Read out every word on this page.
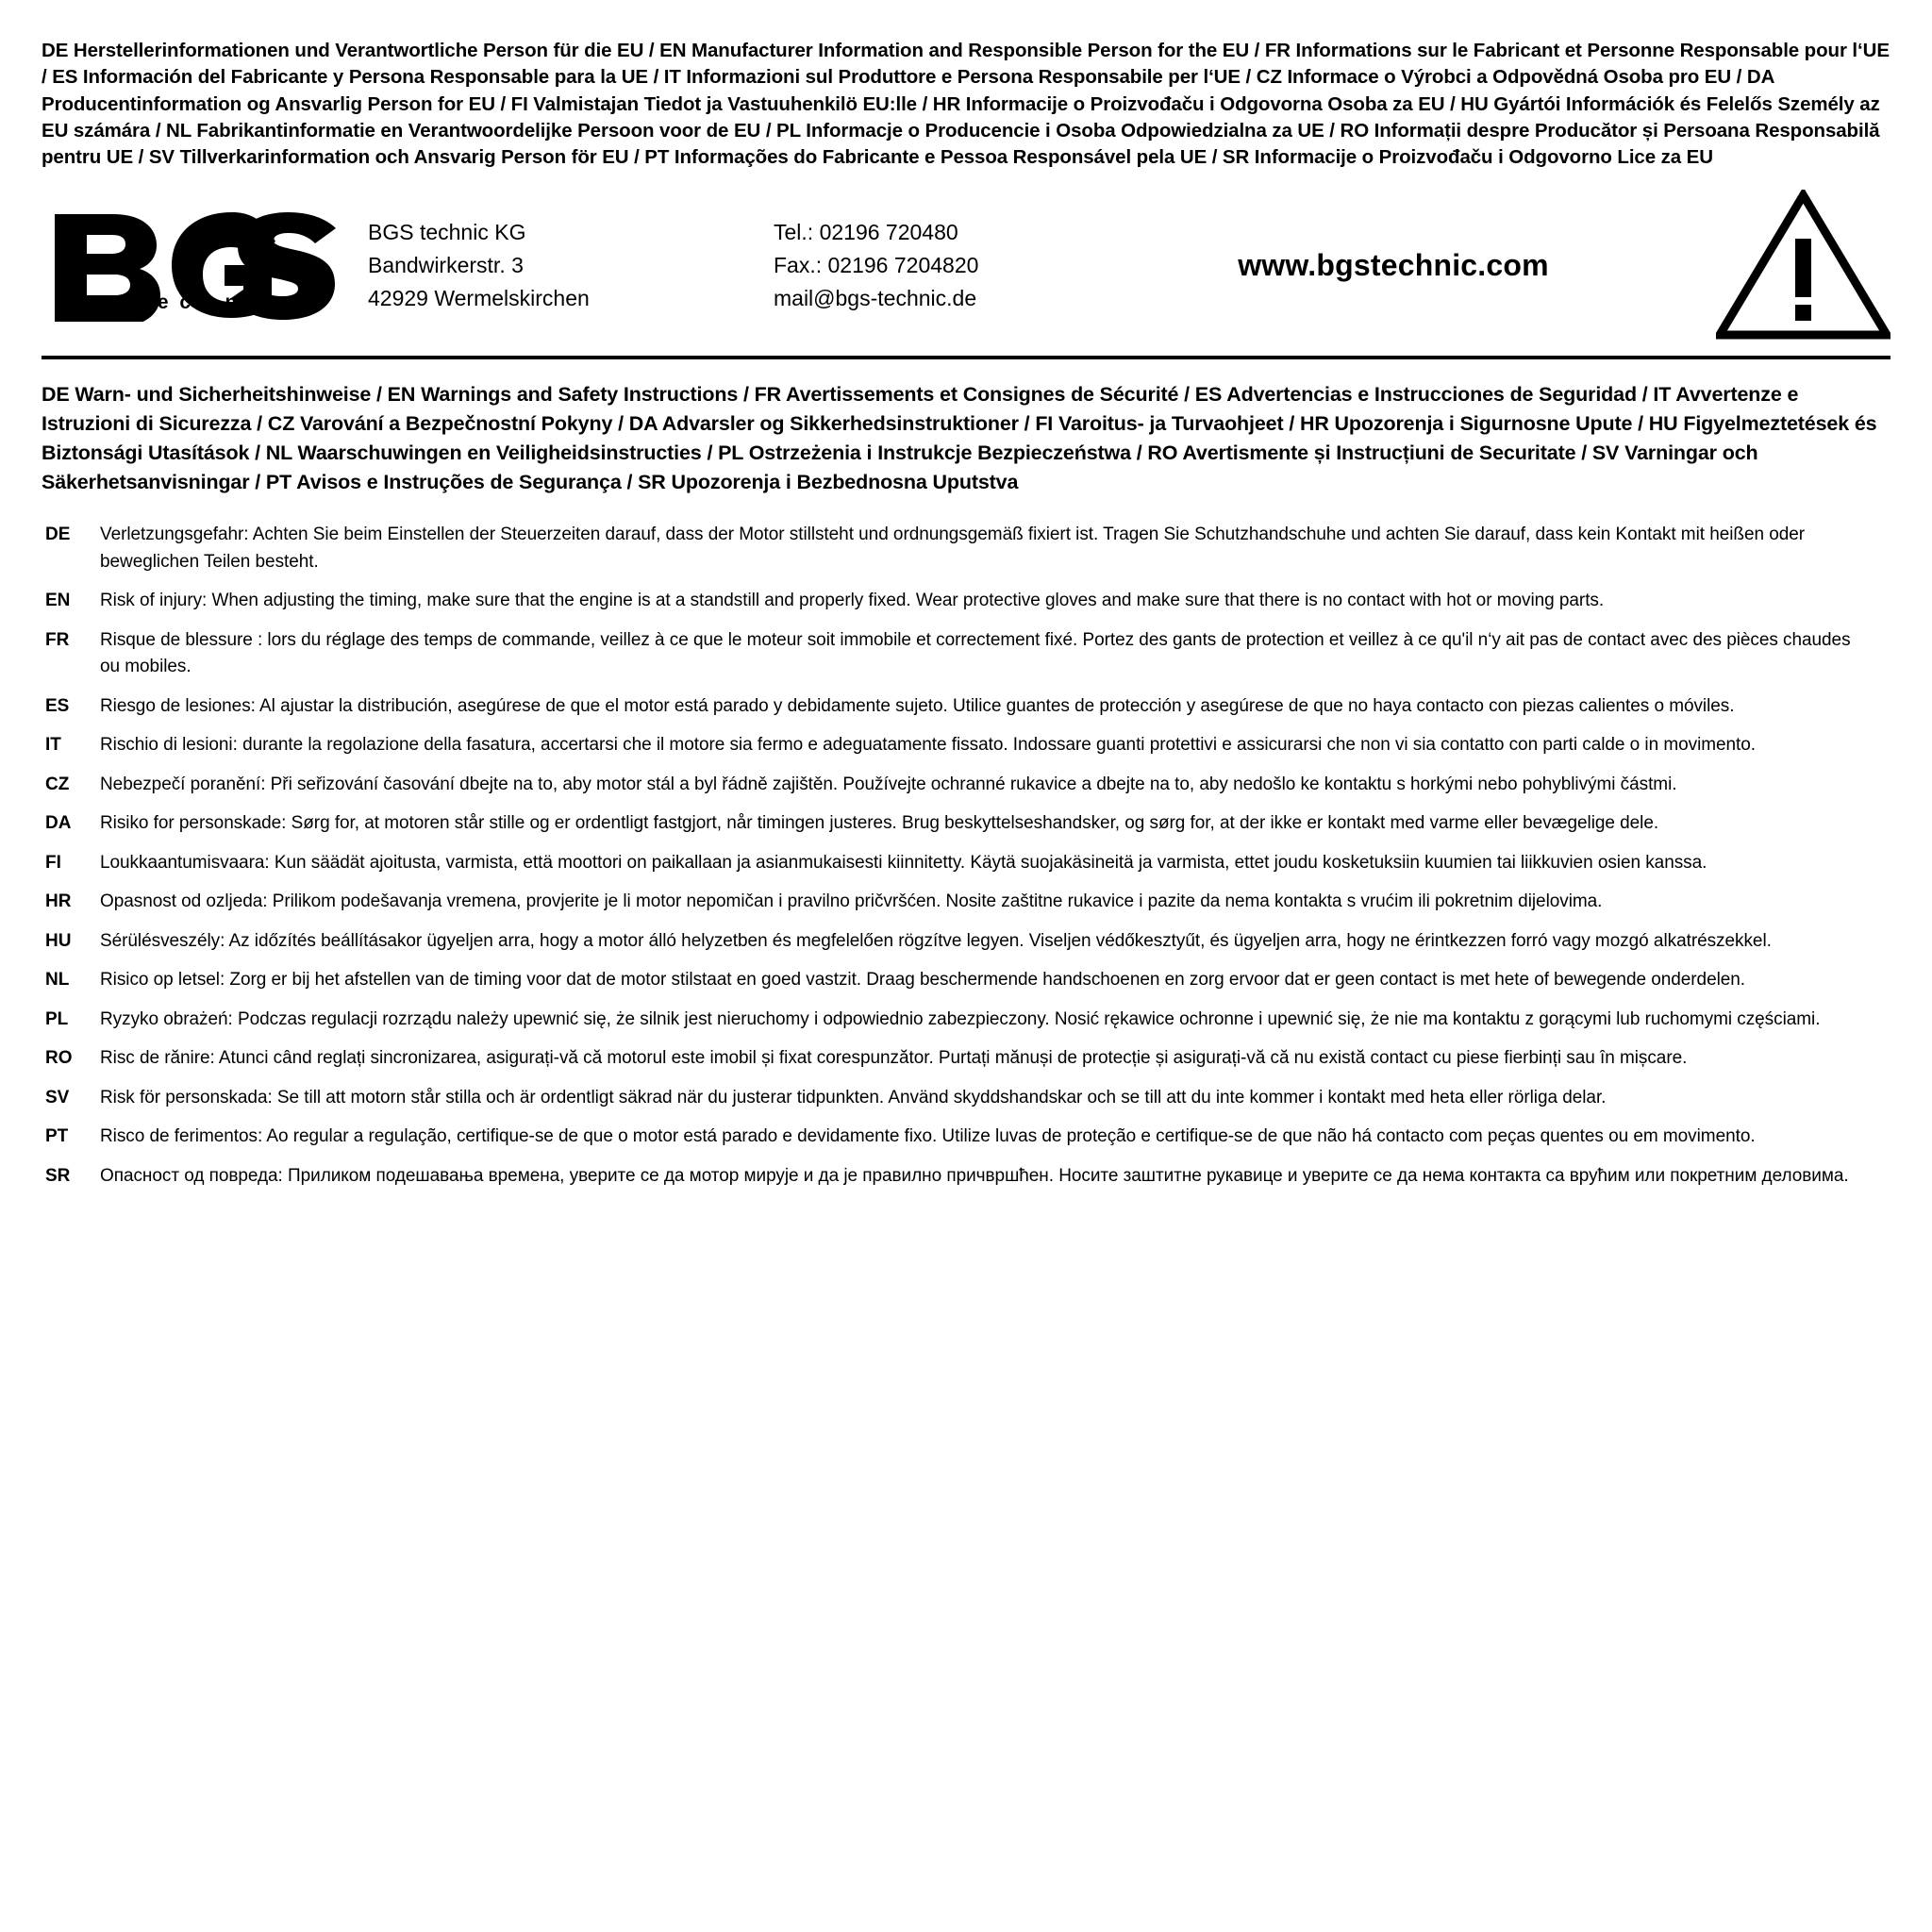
DE Herstellerinformationen und Verantwortliche Person für die EU / EN Manufacturer Information and Responsible Person for the EU / FR Informations sur le Fabricant et Personne Responsable pour l‘UE / ES Información del Fabricante y Persona Responsable para la UE / IT Informazioni sul Produttore e Persona Responsabile per l‘UE / CZ Informace o Výrobci a Odpovědná Osoba pro EU / DA Producentinformation og Ansvarlig Person for EU / FI Valmistajan Tiedot ja Vastuuhenkilö EU:lle / HR Informacije o Proizvođaču i Odgovorna Osoba za EU / HU Gyártói Információk és Felelős Személy az EU számára / NL Fabrikantinformatie en Verantwoordelijke Persoon voor de EU / PL Informacje o Producencie i Osoba Odpowiedzialna za UE / RO Informații despre Producător și Persoana Responsabilă pentru UE / SV Tillverkarinformation och Ansvarig Person för EU / PT Informações do Fabricante e Pessoa Responsável pela UE / SR Informacije o Proizvođaču i Odgovorno Lice za EU
®
t e c h n i c
BGS technic KG
Bandwirkerstr. 3
42929 Wermelskirchen
Tel.: 02196 720480
Fax.: 02196 7204820
mail@bgs-technic.de
www.bgstechnic.com
DE Warn- und Sicherheitshinweise / EN Warnings and Safety Instructions / FR Avertissements et Consignes de Sécurité / ES Advertencias e Instrucciones de Seguridad / IT Avvertenze e Istruzioni di Sicurezza / CZ Varování a Bezpečnostní Pokyny / DA Advarsler og Sikkerhedsinstruktioner / FI Varoitus- ja Turvaohjeet / HR Upozorenja i Sigurnosne Upute / HU Figyelmeztetések és Biztonsági Utasítások / NL Waarschuwingen en Veiligheidsinstructies / PL Ostrzeżenia i Instrukcje Bezpieczeństwa / RO Avertismente și Instrucțiuni de Securitate / SV Varningar och Säkerhetsanvisningar / PT Avisos e Instruções de Segurança / SR Upozorenja i Bezbednosna Uputstva
DE	Verletzungsgefahr: Achten Sie beim Einstellen der Steuerzeiten darauf, dass der Motor stillsteht und ordnungsgemäß fixiert ist. Tragen Sie Schutzhandschuhe und achten Sie darauf, dass kein Kontakt mit heißen oder beweglichen Teilen besteht.
EN	Risk of injury: When adjusting the timing, make sure that the engine is at a standstill and properly fixed. Wear protective gloves and make sure that there is no contact with hot or moving parts.
FR	Risque de blessure : lors du réglage des temps de commande, veillez à ce que le moteur soit immobile et correctement fixé. Portez des gants de protection et veillez à ce qu'il n‘y ait pas de contact avec des pièces chaudes ou mobiles.
ES	Riesgo de lesiones: Al ajustar la distribución, asegúrese de que el motor está parado y debidamente sujeto. Utilice guantes de protección y asegúrese de que no haya contacto con piezas calientes o móviles.
IT	Rischio di lesioni: durante la regolazione della fasatura, accertarsi che il motore sia fermo e adeguatamente fissato. Indossare guanti protettivi e assicurarsi che non vi sia contatto con parti calde o in movimento.
CZ	Nebezpečí poranění: Při seřizování časování dbejte na to, aby motor stál a byl řádně zajištěn. Používejte ochranné rukavice a dbejte na to, aby nedošlo ke kontaktu s horkými nebo pohyblivými částmi.
DA	Risiko for personskade: Sørg for, at motoren står stille og er ordentligt fastgjort, når timingen justeres. Brug beskyttelseshandsker, og sørg for, at der ikke er kontakt med varme eller bevægelige dele.
FI	Loukkaantumisvaara: Kun säädät ajoitusta, varmista, että moottori on paikallaan ja asianmukaisesti kiinnitetty. Käytä suojakäsineitä ja varmista, ettet joudu kosketuksiin kuumien tai liikkuvien osien kanssa.
HR	Opasnost od ozljeda: Prilikom podešavanja vremena, provjerite je li motor nepomičan i pravilno pričvršćen. Nosite zaštitne rukavice i pazite da nema kontakta s vrućim ili pokretnim dijelovima.
HU	Sérülésveszély: Az időzítés beállításakor ügyeljen arra, hogy a motor álló helyzetben és megfelelően rögzítve legyen. Viseljen védőkesztyűt, és ügyeljen arra, hogy ne érintkezzen forró vagy mozgó alkatrészekkel.
NL	Risico op letsel: Zorg er bij het afstellen van de timing voor dat de motor stilstaat en goed vastzit. Draag beschermende handschoenen en zorg ervoor dat er geen contact is met hete of bewegende onderdelen.
PL	Ryzyko obrażeń: Podczas regulacji rozrządu należy upewnić się, że silnik jest nieruchomy i odpowiednio zabezpieczony. Nosić rękawice ochronne i upewnić się, że nie ma kontaktu z gorącymi lub ruchomymi częściami.
RO	Risc de rănire: Atunci când reglați sincronizarea, asigurați-vă că motorul este imobil și fixat corespunzător. Purtați mănuși de protecție și asigurați-vă că nu există contact cu piese fierbinți sau în mișcare.
SV	Risk för personskada: Se till att motorn står stilla och är ordentligt säkrad när du justerar tidpunkten. Använd skyddshandskar och se till att du inte kommer i kontakt med heta eller rörliga delar.
PT	Risco de ferimentos: Ao regular a regulação, certifique-se de que o motor está parado e devidamente fixo. Utilize luvas de proteção e certifique-se de que não há contacto com peças quentes ou em movimento.
SR	Опасност од повреда: Приликом подешавања времена, уверите се да мотор мирује и да је правилно причвршћен. Носите заштитне рукавице и уверите се да нема контакта са врућим или покретним деловима.
